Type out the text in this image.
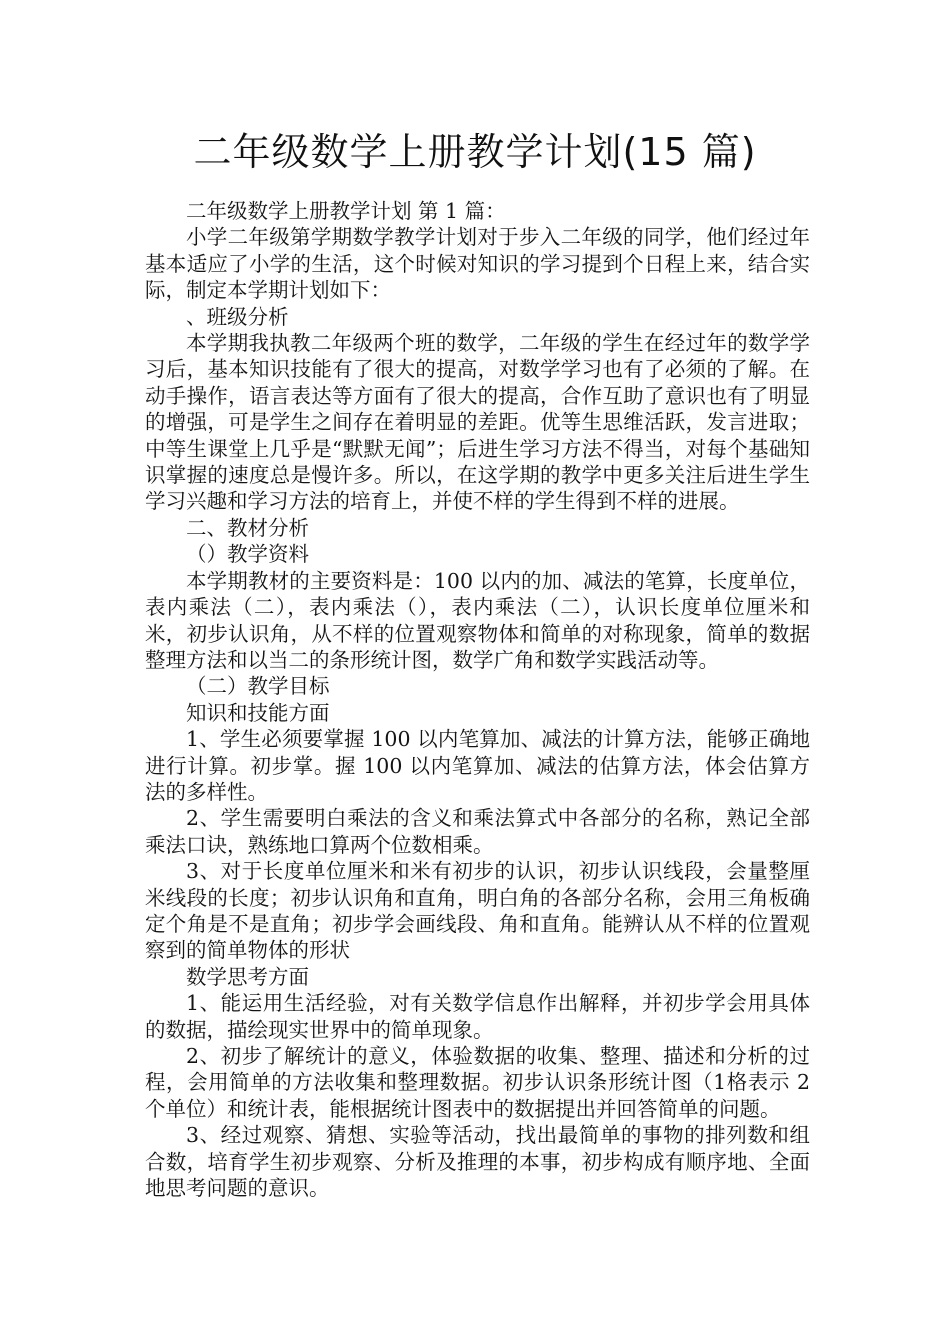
二年级数学上册教学计划(15 篇)

二年级数学上册教学计划 第 1 篇：

小学二年级第学期数学教学计划对于步入二年级的同学，他们经过年基本适应了小学的生活，这个时候对知识的学习提到个日程上来，结合实际，制定本学期计划如下：

、班级分析

本学期我执教二年级两个班的数学，二年级的学生在经过年的数学学习后，基本知识技能有了很大的提高，对数学学习也有了必须的了解。在动手操作，语言表达等方面有了很大的提高，合作互助了意识也有了明显的增强，可是学生之间存在着明显的差距。优等生思维活跃，发言进取；中等生课堂上几乎是“默默无闻”；后进生学习方法不得当，对每个基础知识掌握的速度总是慢许多。所以，在这学期的教学中更多关注后进生学生学习兴趣和学习方法的培育上，并使不样的学生得到不样的进展。

二、教材分析

（）教学资料

本学期教材的主要资料是：100 以内的加、减法的笔算，长度单位，表内乘法（二），表内乘法（），表内乘法（二），认识长度单位厘米和米，初步认识角，从不样的位置观察物体和简单的对称现象，简单的数据整理方法和以当二的条形统计图，数学广角和数学实践活动等。

（二）教学目标

知识和技能方面

1、学生必须要掌握 100 以内笔算加、减法的计算方法，能够正确地进行计算。初步掌。握 100 以内笔算加、减法的估算方法，体会估算方法的多样性。

2、学生需要明白乘法的含义和乘法算式中各部分的名称，熟记全部乘法口诀，熟练地口算两个位数相乘。

3、对于长度单位厘米和米有初步的认识，初步认识线段，会量整厘米线段的长度；初步认识角和直角，明白角的各部分名称，会用三角板确定个角是不是直角；初步学会画线段、角和直角。能辨认从不样的位置观察到的简单物体的形状

数学思考方面

1、能运用生活经验，对有关数学信息作出解释，并初步学会用具体的数据，描绘现实世界中的简单现象。

2、初步了解统计的意义，体验数据的收集、整理、描述和分析的过程，会用简单的方法收集和整理数据。初步认识条形统计图（1格表示 2 个单位）和统计表，能根据统计图表中的数据提出并回答简单的问题。

3、经过观察、猜想、实验等活动，找出最简单的事物的排列数和组合数，培育学生初步观察、分析及推理的本事，初步构成有顺序地、全面地思考问题的意识。
